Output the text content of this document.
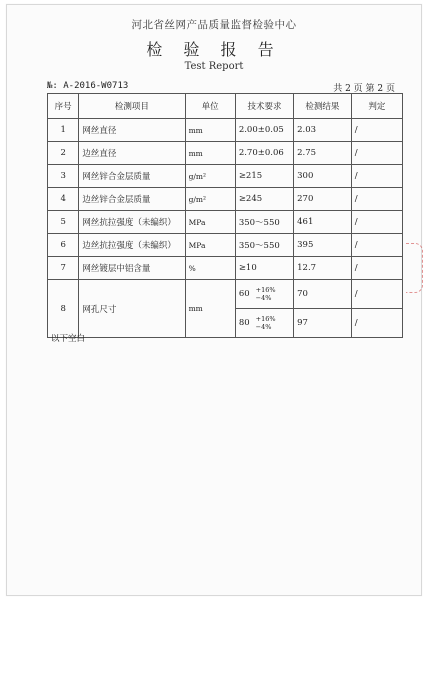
河北省丝网产品质量监督检验中心
检 验 报 告
Test Report
№: A-2016-W0713	共 2 页 第 2 页
序号	检测项目	单位	技术要求	检测结果	判定
1	网丝直径	mm	2.00±0.05	2.03	/
2	边丝直径	mm	2.70±0.06	2.75	/
3	网丝锌合金层质量	g/m²	≥215	300	/
4	边丝锌合金层质量	g/m²	≥245	270	/
5	网丝抗拉强度（未编织）	MPa	350～550	461	/
6	边丝抗拉强度（未编织）	MPa	350～550	395	/
7	网丝镀层中铝含量	%	≥10	12.7	/
8	网孔尺寸	mm	60 +16%
−4%	70	/

			80 +16%
−4%	97	/
以下空白
